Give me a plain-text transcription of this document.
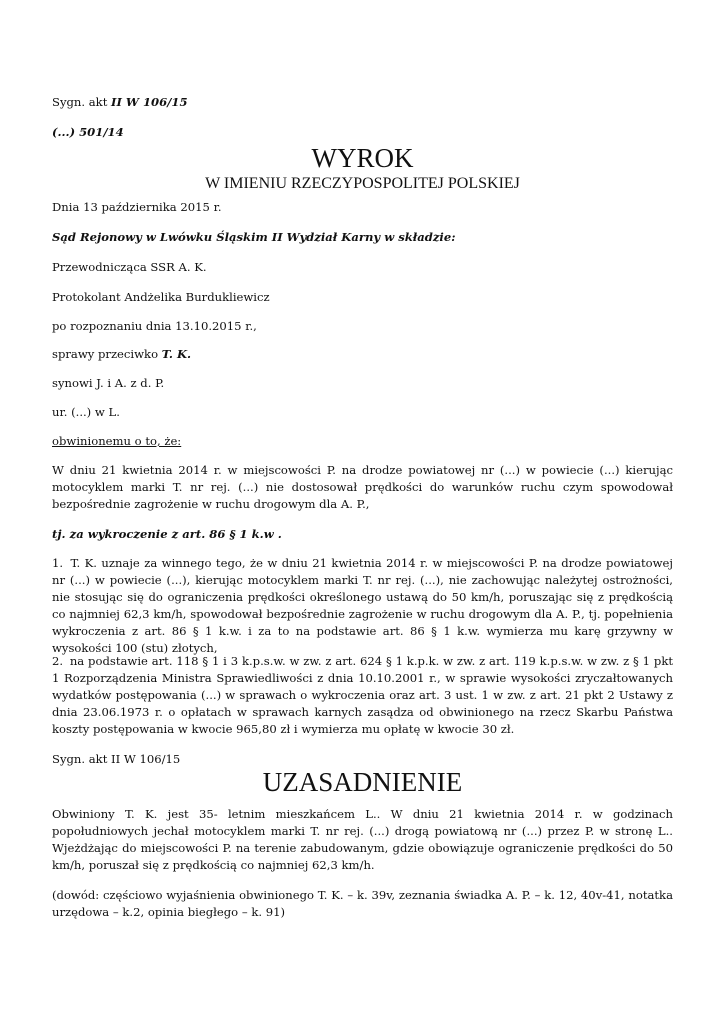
Sygn. akt II W 106/15

(...) 501/14

WYROK

W IMIENIU RZECZYPOSPOLITEJ POLSKIEJ

Dnia 13 października 2015 r.

Sąd Rejonowy w Lwówku Śląskim II Wydział Karny w składzie:

Przewodnicząca SSR A. K.

Protokolant Andżelika Burdukliewicz

po rozpoznaniu dnia 13.10.2015 r.,

sprawy przeciwko T. K.

synowi J. i A. z d. P.

ur. (...) w L.

obwinionemu o to, że:

W dniu 21 kwietnia 2014 r. w miejscowości P. na drodze powiatowej nr (...) w powiecie (...) kierując motocyklem marki T. nr rej. (...) nie dostosował prędkości do warunków ruchu czym spowodował bezpośrednie zagrożenie w ruchu drogowym dla A. P.,

tj. za wykroczenie z art. 86 § 1 k.w .

1. T. K. uznaje za winnego tego, że w dniu 21 kwietnia 2014 r. w miejscowości P. na drodze powiatowej nr (...) w powiecie (...), kierując motocyklem marki T. nr rej. (...), nie zachowując należytej ostrożności, nie stosując się do ograniczenia prędkości określonego ustawą do 50 km/h, poruszając się z prędkością co najmniej 62,3 km/h, spowodował bezpośrednie zagrożenie w ruchu drogowym dla A. P., tj. popełnienia wykroczenia z art. 86 § 1 k.w. i za to na podstawie art. 86 § 1 k.w. wymierza mu karę grzywny w wysokości 100 (stu) złotych,

2. na podstawie art. 118 § 1 i 3 k.p.s.w. w zw. z art. 624 § 1 k.p.k. w zw. z art. 119 k.p.s.w. w zw. z § 1 pkt 1 Rozporządzenia Ministra Sprawiedliwości z dnia 10.10.2001 r., w sprawie wysokości zryczałtowanych wydatków postępowania (...) w sprawach o wykroczenia oraz art. 3 ust. 1 w zw. z art. 21 pkt 2 Ustawy z dnia 23.06.1973 r. o opłatach w sprawach karnych zasądza od obwinionego na rzecz Skarbu Państwa koszty postępowania w kwocie 965,80 zł i wymierza mu opłatę w kwocie 30 zł.

Sygn. akt II W 106/15

UZASADNIENIE

Obwiniony T. K. jest 35- letnim mieszkańcem L.. W dniu 21 kwietnia 2014 r. w godzinach popołudniowych jechał motocyklem marki T. nr rej. (...) drogą powiatową nr (...) przez P. w stronę L.. Wjeżdżając do miejscowości P. na terenie zabudowanym, gdzie obowiązuje ograniczenie prędkości do 50 km/h, poruszał się z prędkością co najmniej 62,3 km/h.

(dowód: częściowo wyjaśnienia obwinionego T. K. – k. 39v, zeznania świadka A. P. – k. 12, 40v-41, notatka urzędowa – k.2, opinia biegłego – k. 91)
